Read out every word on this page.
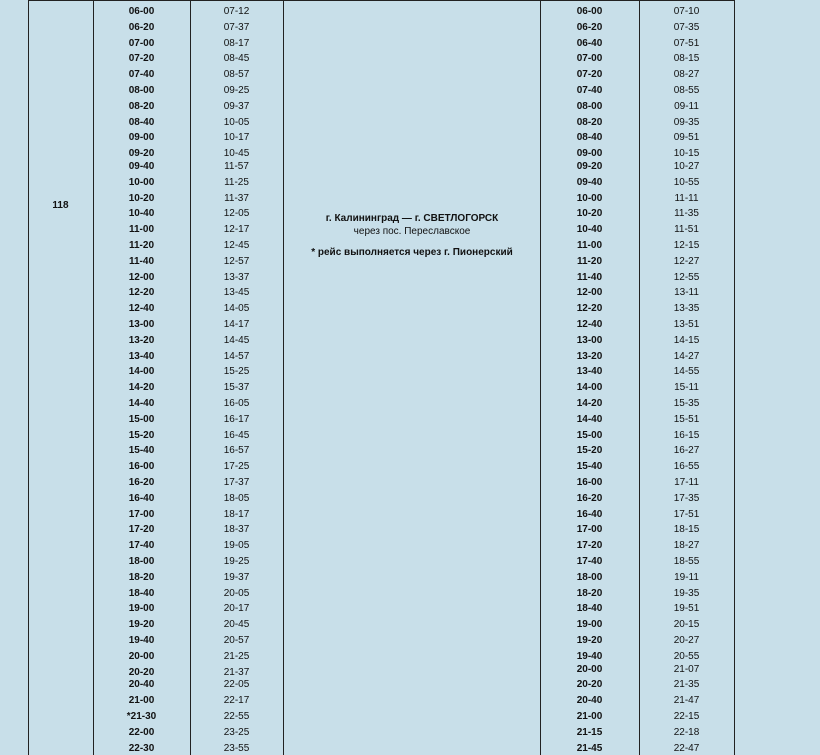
118
г. Калининград — г. СВЕТЛОГОРСК
через пос. Переславское
* рейс выполняется через г. Пионерский
06-00
06-20
07-00
07-20
07-40
08-00
08-20
08-40
09-00
09-20
09-40
10-00
10-20
10-40
11-00
11-20
11-40
12-00
12-20
12-40
13-00
13-20
13-40
14-00
14-20
14-40
15-00
15-20
15-40
16-00
16-20
16-40
17-00
17-20
17-40
18-00
18-20
18-40
19-00
19-20
19-40
20-00
20-20
20-40
21-00
*21-30
22-00
22-30
07-12
07-37
08-17
08-45
08-57
09-25
09-37
10-05
10-17
10-45
11-57
11-25
11-37
12-05
12-17
12-45
12-57
13-37
13-45
14-05
14-17
14-45
14-57
15-25
15-37
16-05
16-17
16-45
16-57
17-25
17-37
18-05
18-17
18-37
19-05
19-25
19-37
20-05
20-17
20-45
20-57
21-25
21-37
22-05
22-17
22-55
23-25
23-55
06-00
06-20
06-40
07-00
07-20
07-40
08-00
08-20
08-40
09-00
09-20
09-40
10-00
10-20
10-40
11-00
11-20
11-40
12-00
12-20
12-40
13-00
13-20
13-40
14-00
14-20
14-40
15-00
15-20
15-40
16-00
16-20
16-40
17-00
17-20
17-40
18-00
18-20
18-40
19-00
19-20
19-40
20-00
20-20
20-40
21-00
21-15
21-45
07-10
07-35
07-51
08-15
08-27
08-55
09-11
09-35
09-51
10-15
10-27
10-55
11-11
11-35
11-51
12-15
12-27
12-55
13-11
13-35
13-51
14-15
14-27
14-55
15-11
15-35
15-51
16-15
16-27
16-55
17-11
17-35
17-51
18-15
18-27
18-55
19-11
19-35
19-51
20-15
20-27
20-55
21-07
21-35
21-47
22-15
22-18
22-47
